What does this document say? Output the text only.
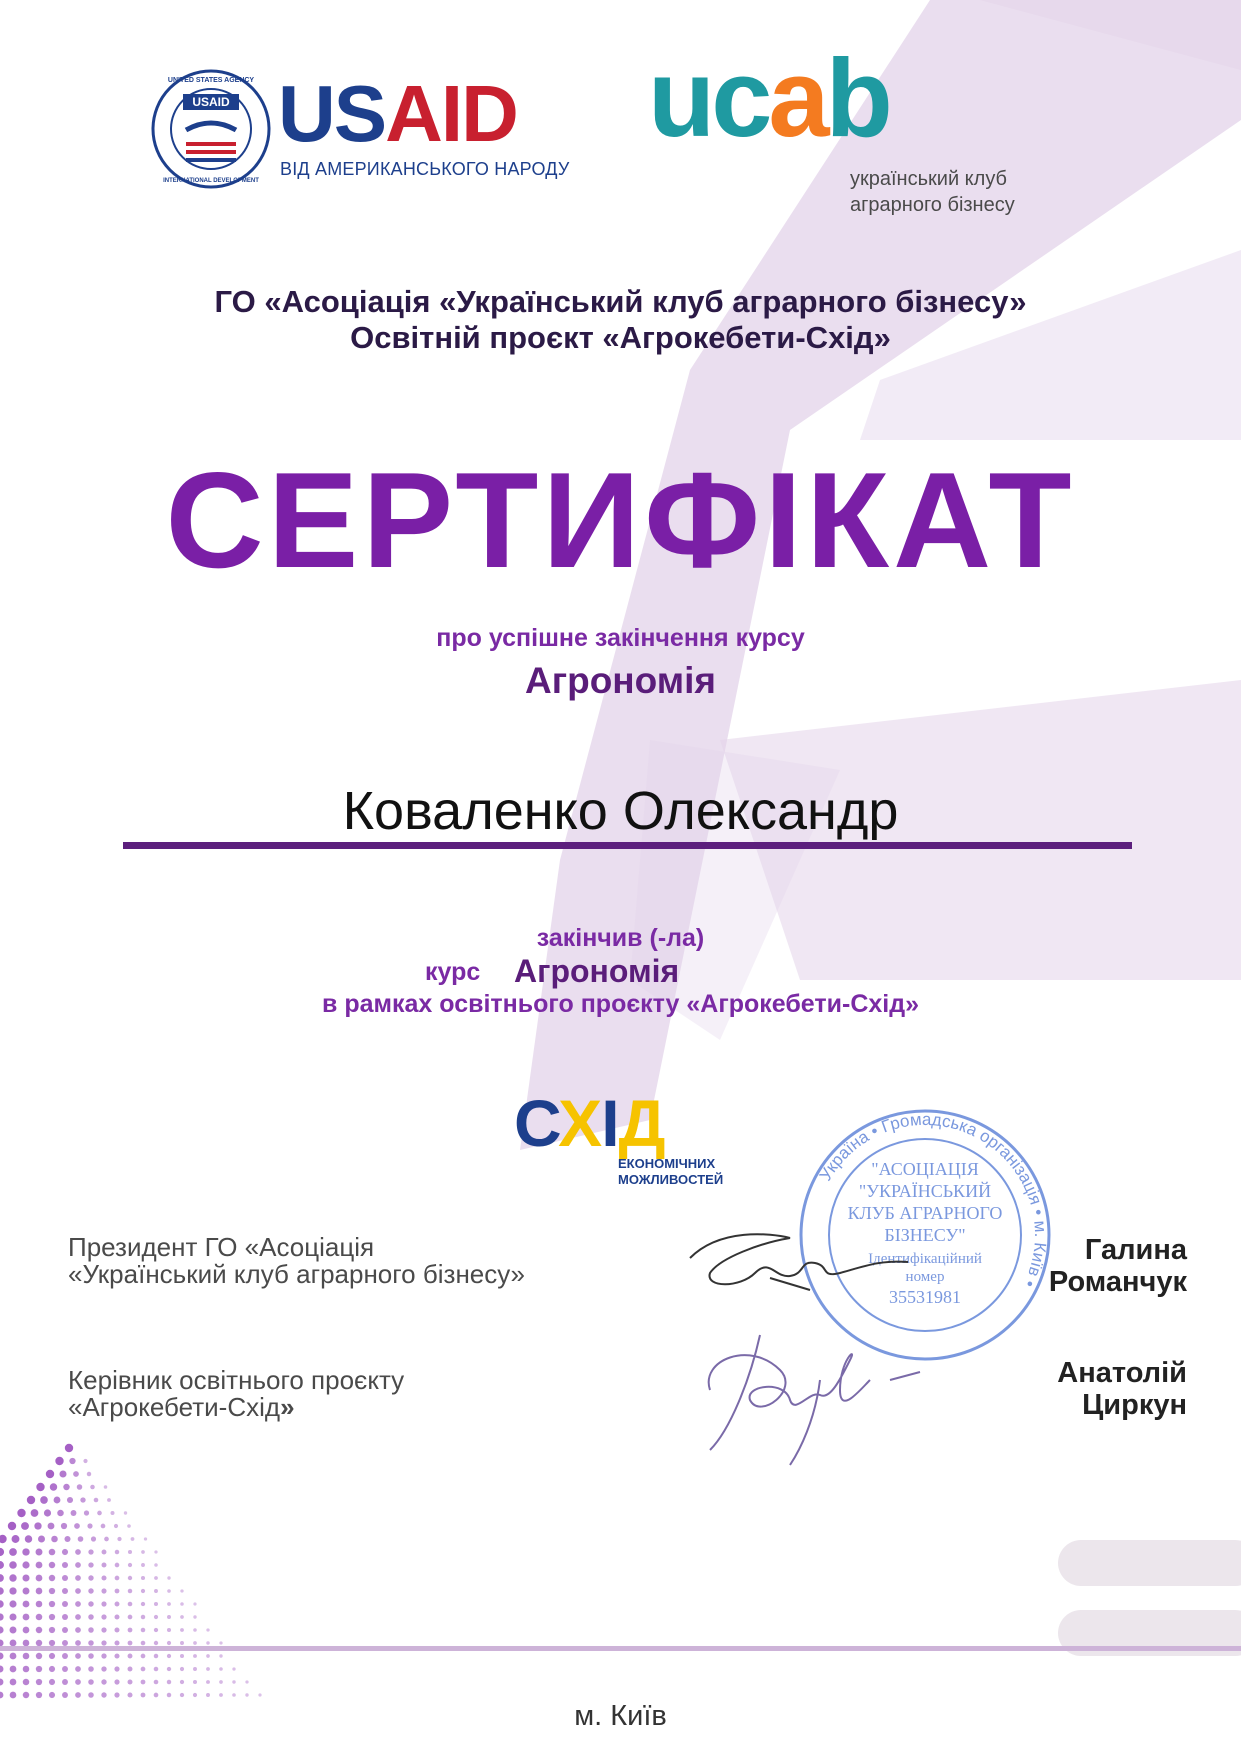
USAID
UNITED STATES AGENCY
INTERNATIONAL DEVELOPMENT
USAID
ВІД АМЕРИКАНСЬКОГО НАРОДУ
ucab
український клуб
аграрного бізнесу
ГО «Асоціація «Український клуб аграрного бізнесу»
Освітній проєкт «Агрокебети-Схід»
СЕРТИФІКАТ
про успішне закінчення курсу
Агрономія
Коваленко Олександр
закінчив (-ла)
курс Агрономія
в рамках освітнього проєкту «Агрокебети-Схід»
СХІД
ЕКОНОМІЧНИХ
МОЖЛИВОСТЕЙ	Україна • Громадська організація • м. Київ •
"АСОЦІАЦІЯ
"УКРАЇНСЬКИЙ
КЛУБ АГРАРНОГО
БІЗНЕСУ"
Ідентифікаційний
номер
35531981
Президент ГО «Асоціація
«Український клуб аграрного бізнесу»
Галина
Романчук
Керівник освітнього проєкту
«Агрокебети-Схід»
Анатолій
Циркун
м. Київ
